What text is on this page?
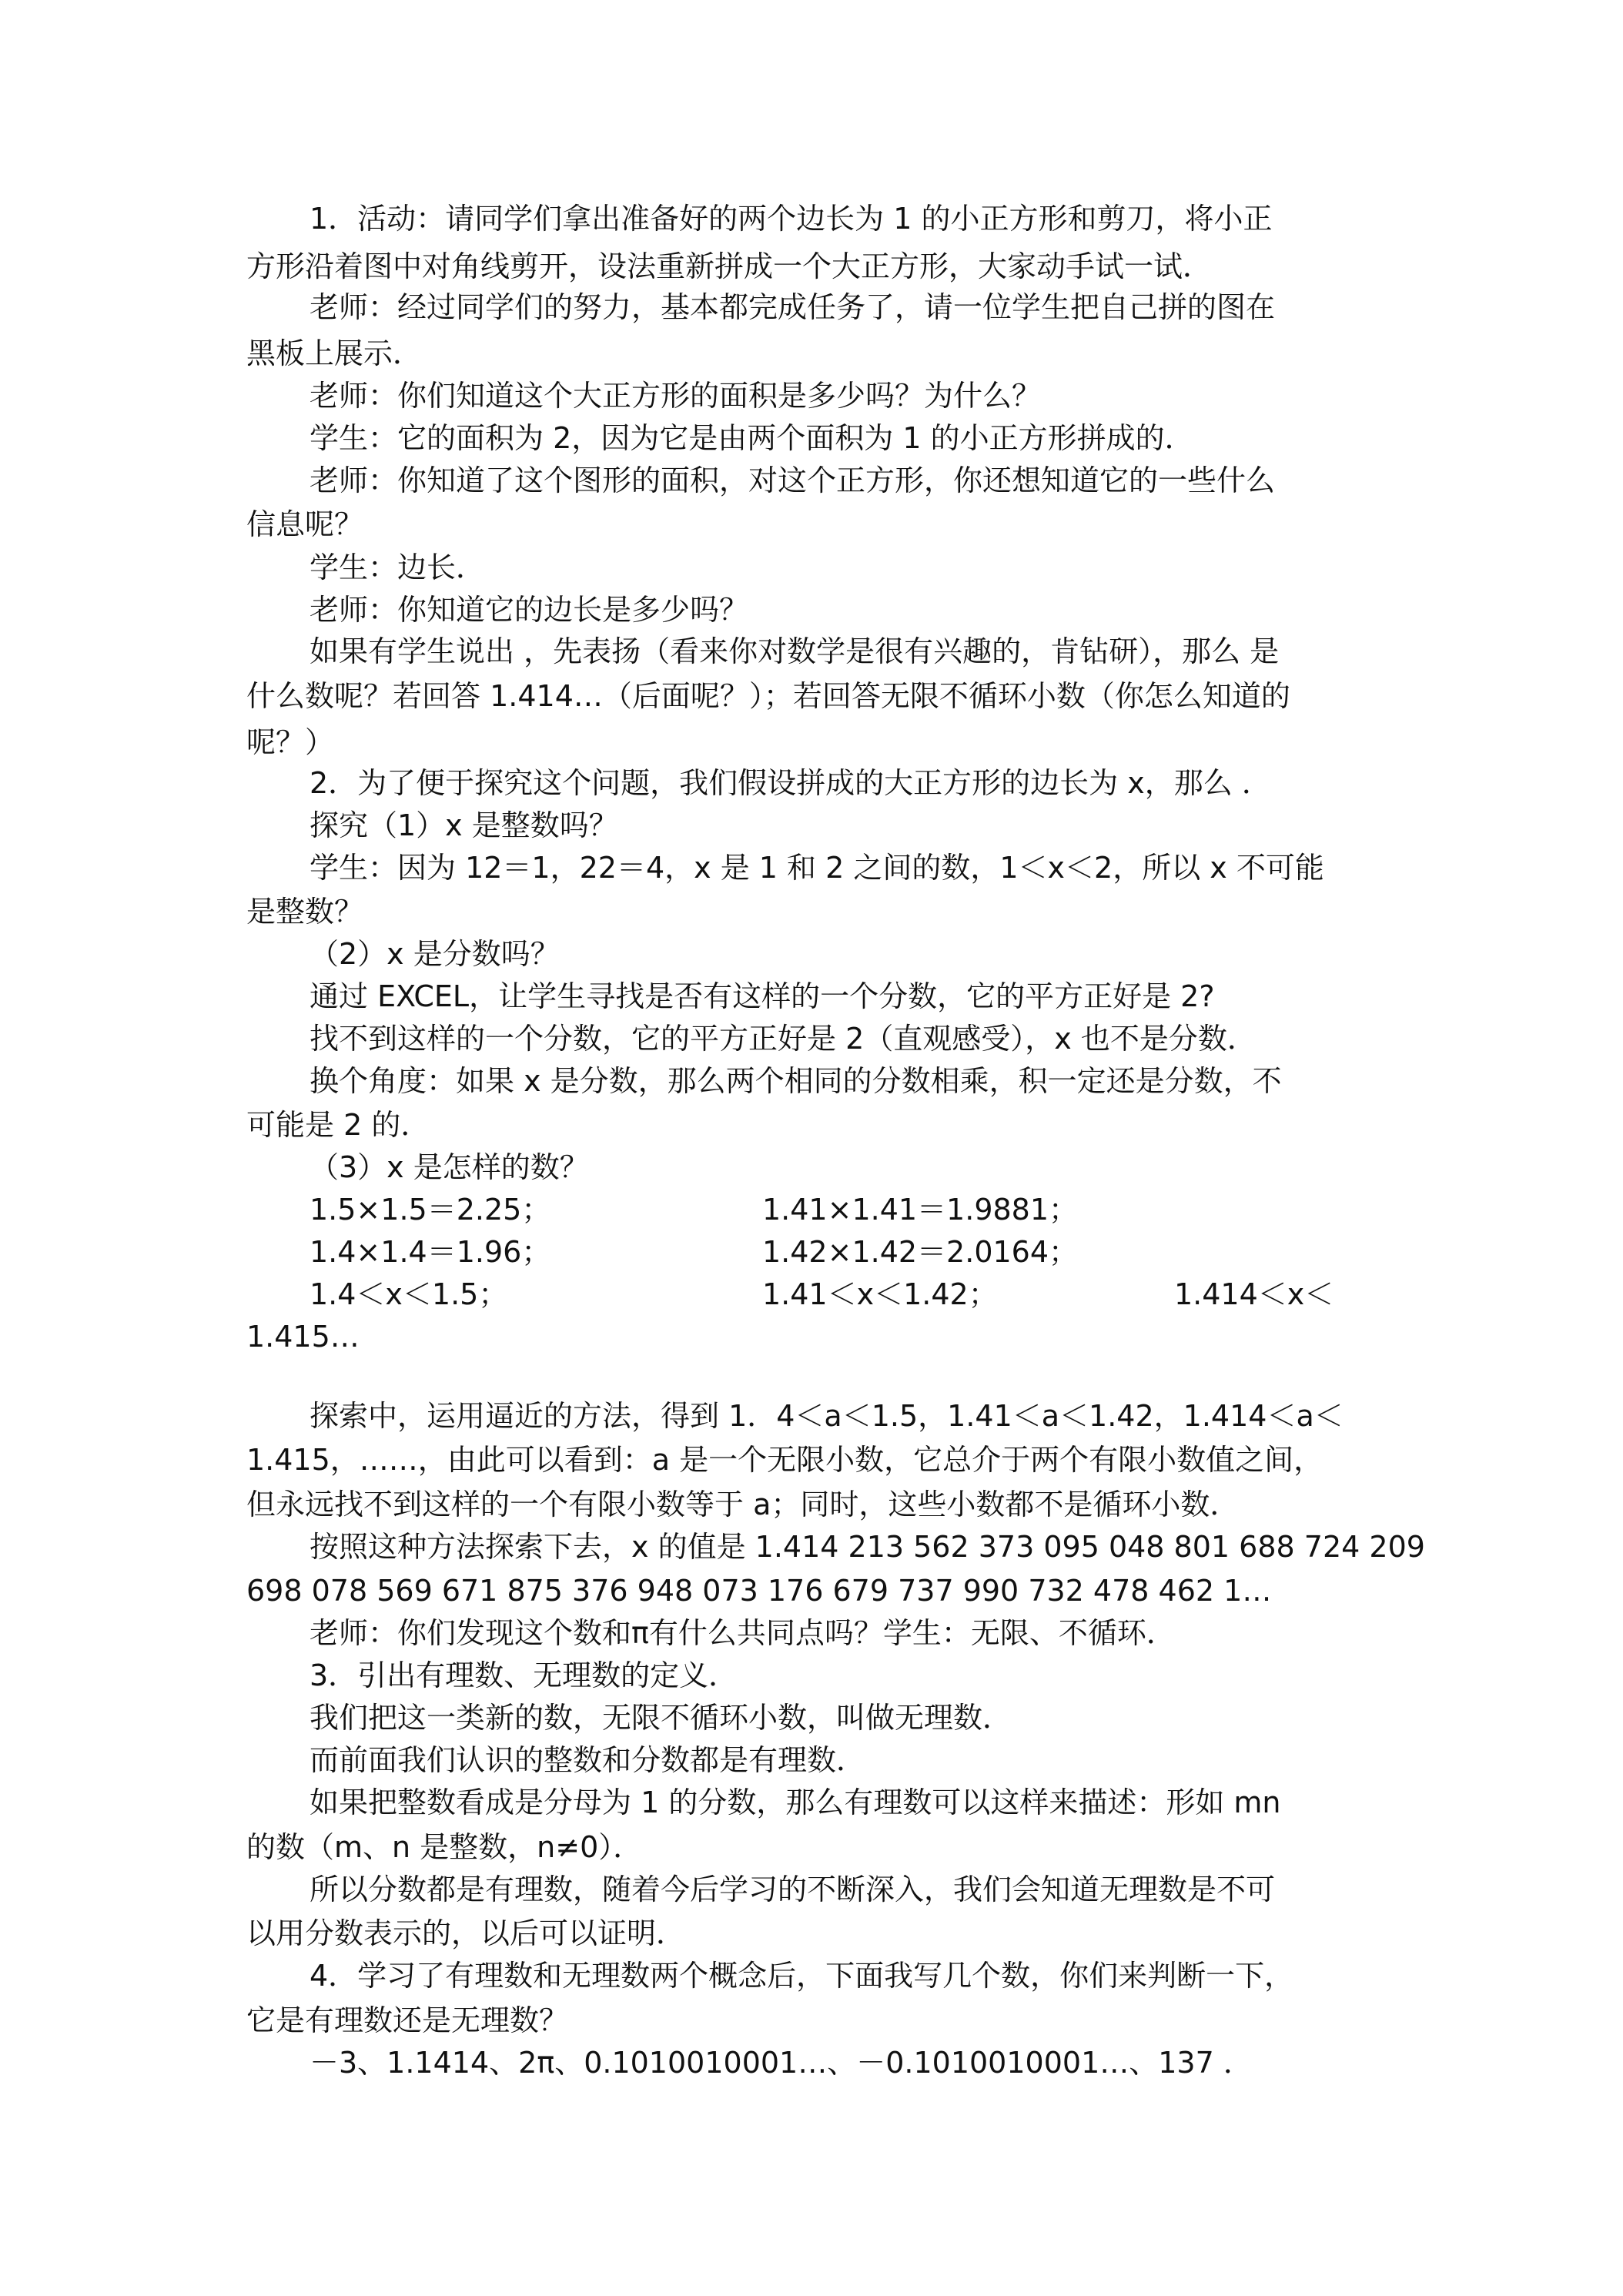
1．活动：请同学们拿出准备好的两个边长为 1 的小正方形和剪刀，将小正
方形沿着图中对角线剪开，设法重新拼成一个大正方形，大家动手试一试．
老师：经过同学们的努力，基本都完成任务了，请一位学生把自己拼的图在
黑板上展示．
老师：你们知道这个大正方形的面积是多少吗？为什么？
学生：它的面积为 2，因为它是由两个面积为 1 的小正方形拼成的．
老师：你知道了这个图形的面积，对这个正方形，你还想知道它的一些什么
信息呢？
学生：边长．
老师：你知道它的边长是多少吗？
如果有学生说出 ，先表扬（看来你对数学是很有兴趣的，肯钻研），那么 是
什么数呢？若回答 1.414…（后面呢？）；若回答无限不循环小数（你怎么知道的
呢？）
2．为了便于探究这个问题，我们假设拼成的大正方形的边长为 x，那么 ．
探究（1）x 是整数吗？
学生：因为 12＝1，22＝4，x 是 1 和 2 之间的数，1＜x＜2，所以 x 不可能
是整数？
（2）x 是分数吗？
通过 EXCEL，让学生寻找是否有这样的一个分数，它的平方正好是 2?
找不到这样的一个分数，它的平方正好是 2（直观感受），x 也不是分数．
换个角度：如果 x 是分数，那么两个相同的分数相乘，积一定还是分数，不
可能是 2 的．
（3）x 是怎样的数？
1.5×1.5＝2.25；	1.41×1.41＝1.9881；
1.4×1.4＝1.96；	1.42×1.42＝2.0164；
1.4＜x＜1.5；	1.41＜x＜1.42；	1.414＜x＜
1.415…
探索中，运用逼近的方法，得到 1．4＜a＜1.5，1.41＜a＜1.42，1.414＜a＜
1.415，……，由此可以看到：a 是一个无限小数，它总介于两个有限小数值之间，
但永远找不到这样的一个有限小数等于 a；同时，这些小数都不是循环小数．
按照这种方法探索下去，x 的值是 1.414 213 562 373 095 048 801 688 724 209
698 078 569 671 875 376 948 073 176 679 737 990 732 478 462 1…
老师：你们发现这个数和π有什么共同点吗？学生：无限、不循环．
3．引出有理数、无理数的定义．
我们把这一类新的数，无限不循环小数，叫做无理数．
而前面我们认识的整数和分数都是有理数．
如果把整数看成是分母为 1 的分数，那么有理数可以这样来描述：形如 mn
的数（m、n 是整数，n≠0）．
所以分数都是有理数，随着今后学习的不断深入，我们会知道无理数是不可
以用分数表示的，以后可以证明．
4．学习了有理数和无理数两个概念后，下面我写几个数，你们来判断一下，
它是有理数还是无理数？
－3、1.1414、2π、0.1010010001…、－0.1010010001…、137 ．
